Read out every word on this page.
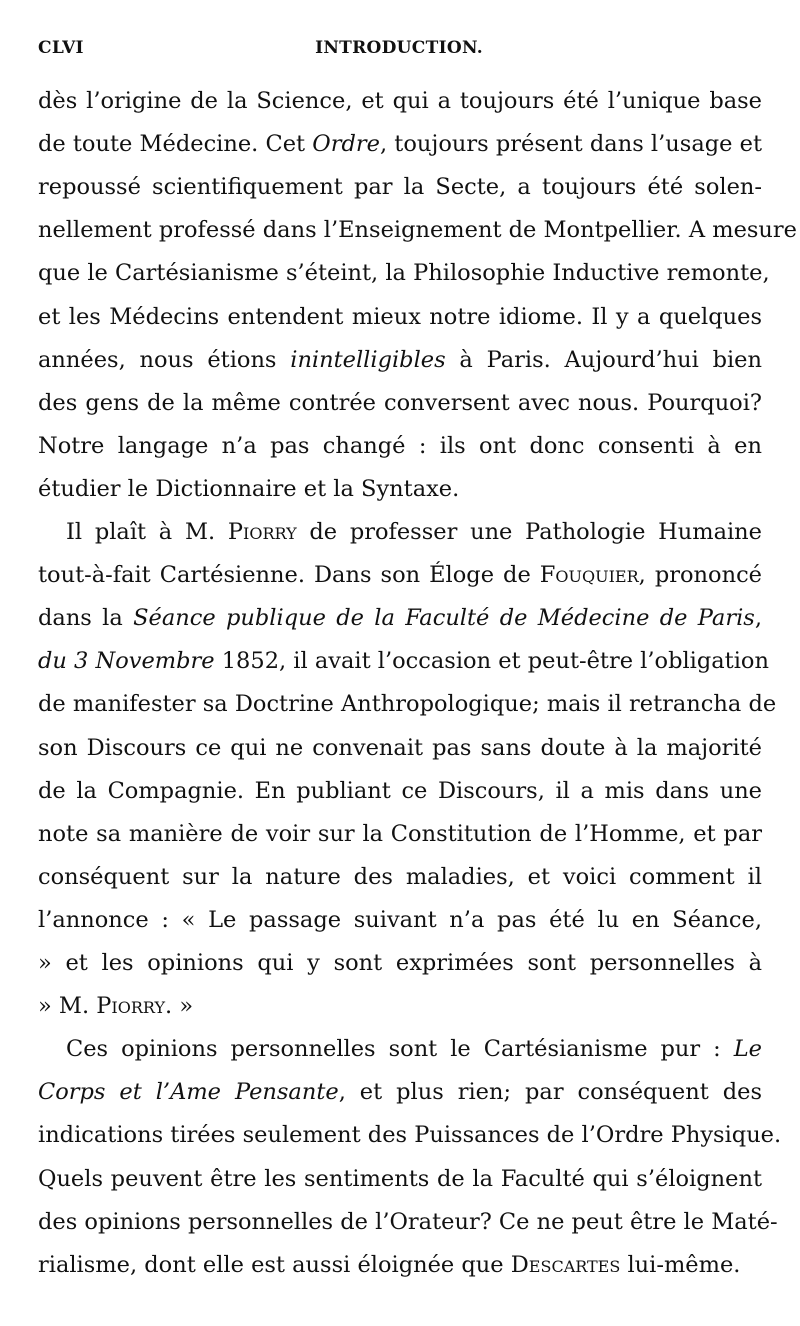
CLVI	INTRODUCTION.
dès l’origine de la Science, et qui a toujours été l’unique base
de toute Médecine. Cet Ordre, toujours présent dans l’usage et
repoussé scientifiquement par la Secte, a toujours été solen-
nellement professé dans l’Enseignement de Montpellier. A mesure
que le Cartésianisme s’éteint, la Philosophie Inductive remonte,
et les Médecins entendent mieux notre idiome. Il y a quelques
années, nous étions inintelligibles à Paris. Aujourd’hui bien
des gens de la même contrée conversent avec nous. Pourquoi?
Notre langage n’a pas changé : ils ont donc consenti à en
étudier le Dictionnaire et la Syntaxe.
Il plaît à M. Piorry de professer une Pathologie Humaine
tout-à-fait Cartésienne. Dans son Éloge de Fouquier, prononcé
dans la Séance publique de la Faculté de Médecine de Paris,
du 3 Novembre 1852, il avait l’occasion et peut-être l’obligation
de manifester sa Doctrine Anthropologique; mais il retrancha de
son Discours ce qui ne convenait pas sans doute à la majorité
de la Compagnie. En publiant ce Discours, il a mis dans une
note sa manière de voir sur la Constitution de l’Homme, et par
conséquent sur la nature des maladies, et voici comment il
l’annonce : « Le passage suivant n’a pas été lu en Séance,
» et les opinions qui y sont exprimées sont personnelles à
» M. Piorry. »
Ces opinions personnelles sont le Cartésianisme pur : Le
Corps et l’Ame Pensante, et plus rien; par conséquent des
indications tirées seulement des Puissances de l’Ordre Physique.
Quels peuvent être les sentiments de la Faculté qui s’éloignent
des opinions personnelles de l’Orateur? Ce ne peut être le Maté-
rialisme, dont elle est aussi éloignée que Descartes lui-même.
